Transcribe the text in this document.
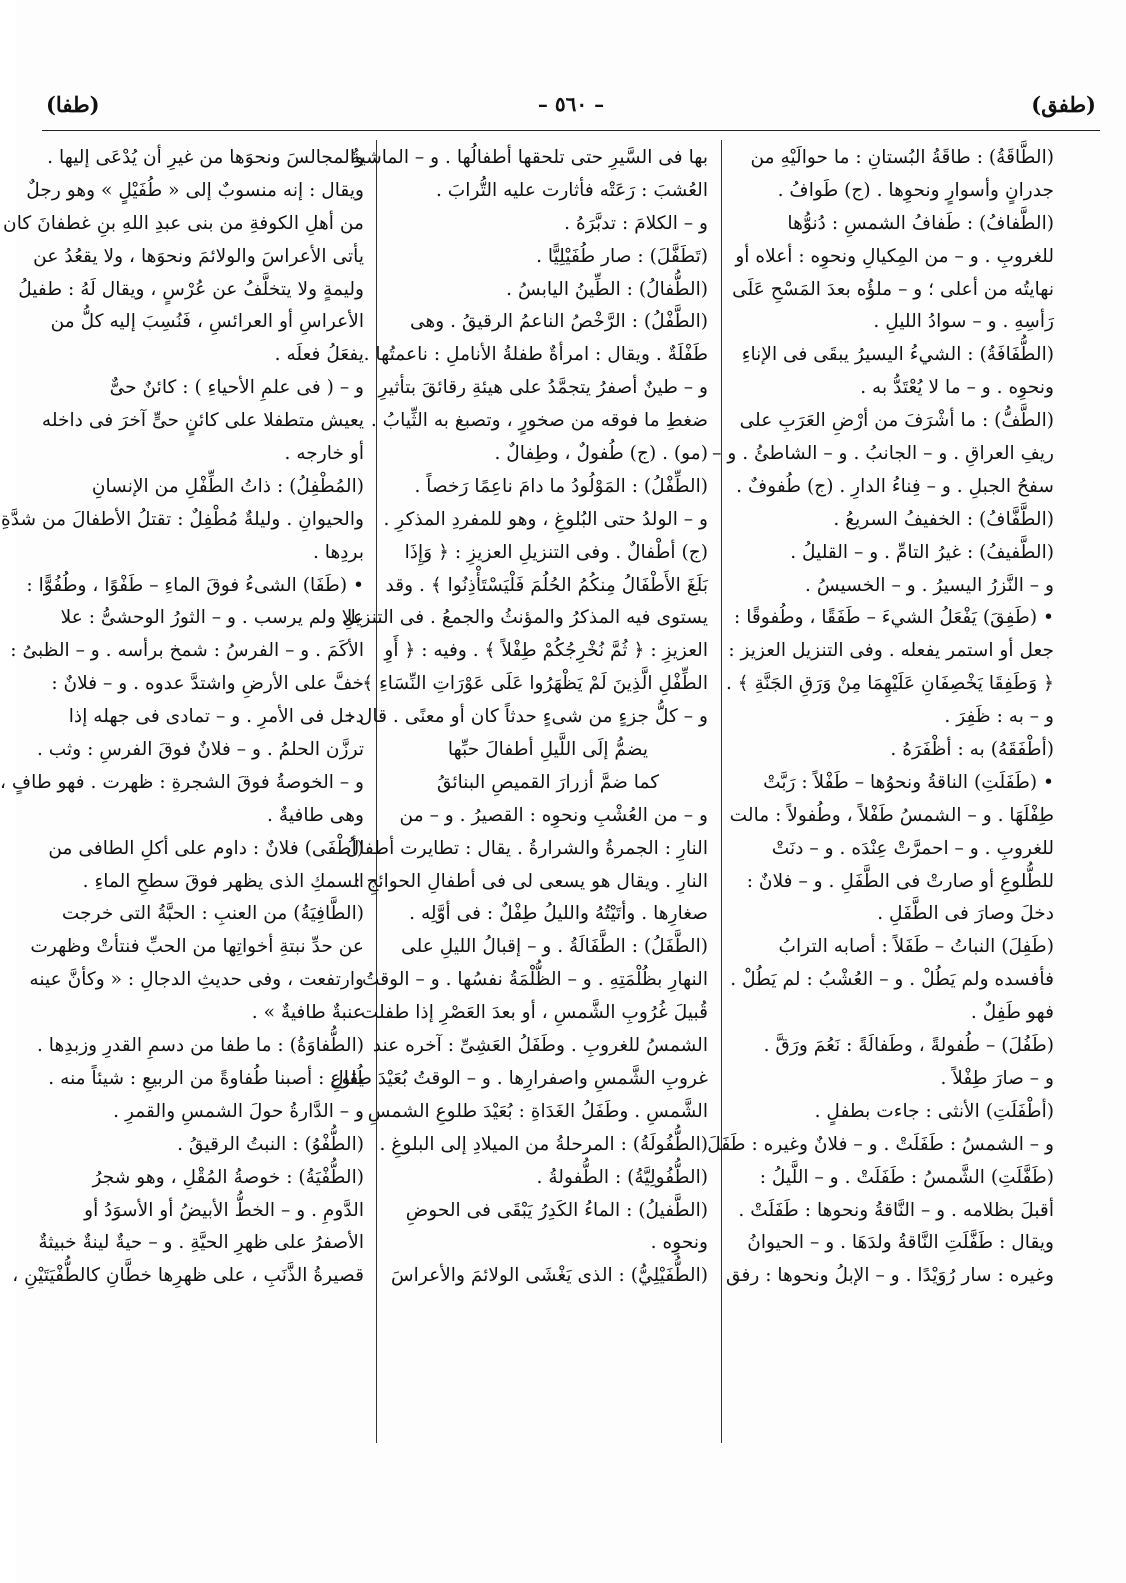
(طفق)
– ٥٦٠ –
(طفا)
(الطَّاقَةُ) : طاقَةُ البُستانِ : ما حوالَيْهِ من
جدرانٍ وأسوارٍ ونحوِها . (ج) طَوافُ .
(الطَّفافُ) : طَفافُ الشمسِ : دُنوُّها
للغروبِ . و – من المِكيالِ ونحوِه : أعلاه أو
نهايتُه من أعلى ؛ و – ملؤُه بعدَ المَسْحِ عَلَى
رَأسِهِ . و – سوادُ الليلِ .
(الطُّفَافَةُ) : الشيءُ اليسيرُ يبقَى فى الإناءِ
ونحوِه . و – ما لا يُعْتَدُّ به .
(الطَّفُّ) : ما أشْرَفَ من أرْضِ العَرَبِ على
ريفِ العراقِ . و – الجانبُ . و – الشاطئُ . و –
سفحُ الجبلِ . و – فِناءُ الدارِ . (ج) طُفوفٌ .
(الطَّفَّافُ) : الخفيفُ السريعُ .
(الطَّفيفُ) : غيرُ التامِّ . و – القليلُ .
و – النَّزرُ اليسيرُ . و – الخسيسُ .
• (طَفِقَ) يَفْعَلُ الشيءَ – طَفَقًا ، وطُفوقًا :
جعل أو استمر يفعله . وفى التنزيل العزيز :
﴿ وَطَفِقَا يَخْصِفَانِ عَلَيْهِمَا مِنْ وَرَقِ الجَنَّةِ ﴾ .
و – به : ظَفِرَ .
(أطْفَقَهُ) به : أظْفَرَهُ .
• (طَفَلَتِ) الناقةُ ونحوُها – طَفْلاً : رَبَّتْ
طِفْلَهَا . و – الشمسُ طَفْلاً ، وطُفولاً : مالت
للغروبِ . و – احمرَّتْ عِنْدَه . و – دنَتْ
للطُّلوعِ أو صارتْ فى الطَّفَلِ . و – فلانٌ :
دخلَ وصارَ فى الطَّفَلِ .
(طَفِلَ) النباتُ – طَفَلاً : أصابه الترابُ
فأفسده ولم يَطُلْ . و – العُشْبُ : لم يَطُلْ .
فهو طَفِلٌ .
(طَفُلَ) – طُفولةً ، وطَفالَةً : نَعُمَ ورَقَّ .
و – صارَ طِفْلاً .
(أطْفَلَتِ) الأنثى : جاءت بطفلٍ .
و – الشمسُ : طَفَلَتْ . و – فلانٌ وغيره : طَفَلَ .
(طَفَّلَتِ) الشَّمسُ : طَفَلَتْ . و – اللَّيلُ :
أقبلَ بظلامه . و – النَّاقةُ ونحوها : طَفَلَتْ .
ويقال : طَفَّلَتِ النَّاقةُ ولدَهَا . و – الحيوانُ
وغيره : سار رُوَيْدًا . و – الإبلُ ونحوها : رفق
بها فى السَّيرِ حتى تلحقها أطفالُها . و – الماشيةُ
العُشبَ : رَعَتْه فأثارت عليه التُّرابَ .
و – الكلامَ : تدبَّرَهُ .
(تَطَفَّلَ) : صار طُفَيْلِيًّا .
(الطُّفالُ) : الطِّينُ اليابسُ .
(الطَّفْلُ) : الرَّخْصُ الناعمُ الرقيقُ . وهى
طَفْلَةٌ . ويقال : امرأةٌ طفلةُ الأناملِ : ناعمتُها .
و – طينٌ أصفرُ يتجمَّدُ على هيئةِ رقائقَ بتأثيرِ
ضغطِ ما فوقه من صخورٍ ، وتصبغ به الثِّيابُ .
(مو) . (ج) طُفولٌ ، وطِفالٌ .
(الطِّفْلُ) : المَوْلُودُ ما دامَ ناعِمًا رَخصاً .
و – الولدُ حتى البُلوغِ ، وهو للمفردِ المذكرِ .
(ج) أطْفالٌ . وفى التنزيلِ العزيزِ : ﴿ وَإِذَا
بَلَغَ الأَطْفَالُ مِنكُمُ الحُلُمَ فَلْيَسْتَأْذِنُوا ﴾ . وقد
يستوى فيه المذكرُ والمؤنثُ والجمعُ . فى التنزيلِ
العزيزِ : ﴿ ثُمَّ نُخْرِجُكُمْ طِفْلاً ﴾ . وفيه : ﴿ أَوِ
الطِّفْلِ الَّذِينَ لَمْ يَظْهَرُوا عَلَى عَوْرَاتِ النِّسَاءِ ﴾ .
و – كلُّ جزءٍ من شىءٍ حدثاً كان أو معنًى . قال :
يضمُّ إلَى اللَّيلِ أطفالَ حبِّها
كما ضمَّ أزرارَ القميصِ البنائقُ
و – من العُشْبِ ونحوِه : القصيرُ . و – من
النارِ : الجمرةُ والشرارةُ . يقال : تطايرت أطفالُ
النارِ . ويقال هو يسعى لى فى أطفالِ الحوائجِ :
صغارِها . وأتَيْتُهُ والليلُ طِفْلٌ : فى أوَّلِه .
(الطَّفَلُ) : الطَّفَالَةُ . و – إقبالُ الليلِ على
النهارِ بظُلْمَتِهِ . و – الظُّلْمَةُ نفسُها . و – الوقتُ
قُبيلَ غُرُوبِ الشَّمسِ ، أو بعدَ العَصْرِ إذا طفلت
الشمسُ للغروبِ . وطَفَلُ العَشِىِّ : آخره عند
غروبِ الشَّمسِ واصفرارِها . و – الوقتُ بُعَيْدَ طُلوعِ
الشَّمسِ . وطَفَلُ الغَدَاةِ : بُعَيْدَ طلوعِ الشمسِ .
(الطُّفُولَةُ) : المرحلةُ من الميلادِ إلى البلوغِ .
(الطُّفُولِيَّةُ) : الطُّفولةُ .
(الطَّفيلُ) : الماءُ الكَدِرُ يَبْقَى فى الحوضِ
ونحوِه .
(الطُّفَيْلِيُّ) : الذى يَغْشَى الولائمَ والأعراسَ
والمجالسَ ونحوَها من غيرِ أن يُدْعَى إليها .
ويقال : إنه منسوبٌ إلى « طُفَيْلٍ » وهو رجلٌ
من أهلِ الكوفةِ من بنى عبدِ اللهِ بنِ غطفانَ كان
يأتى الأعراسَ والولائمَ ونحوَها ، ولا يقعُدُ عن
وليمةٍ ولا يتخلَّفُ عن عُرْسٍ ، ويقال لَهُ : طفيلُ
الأعراسِ أو العرائسِ ، فَنُسِبَ إليه كلُّ من
يفعَلُ فعلَه .
و – ( فى علمِ الأحياءِ ) : كائنٌ حىٌّ
يعيش متطفلا على كائنٍ حىٍّ آخرَ فى داخله
أو خارجه .
(المُطْفِلُ) : ذاتُ الطِّفْلِ من الإنسانِ
والحيوانِ . وليلةٌ مُطْفِلٌ : تقتلُ الأطفالَ من شدَّةِ
بردِها .
• (طَفَا) الشىءُ فوقَ الماءِ – طَفْوًا ، وطُفُوًّا :
علا ولم يرسب . و – الثورُ الوحشىُّ : علا
الأكَمَ . و – الفرسُ : شمخ برأسه . و – الظبىُ :
خفَّ على الأرضِ واشتدَّ عدوه . و – فلانٌ :
دخل فى الأمرِ . و – تمادى فى جهله إذا
ترزَّن الحلمُ . و – فلانٌ فوقَ الفرسِ : وثب .
و – الخوصةُ فوقَ الشجرةِ : ظهرت . فهو طافٍ ،
وهى طافيةٌ .
(أطْفَى) فلانٌ : داوم على أكلِ الطافى من
السمكِ الذى يظهر فوقَ سطحِ الماءِ .
(الطَّافِيَةُ) من العنبِ : الحبَّةُ التى خرجت
عن حدِّ نبتةِ أخواتِها من الحبِّ فنتأتْ وظهرت
وارتفعت ، وفى حديثِ الدجالِ : « وكأنَّ عينه
عنبةٌ طافيةٌ » .
(الطُّفاوَةُ) : ما طفا من دسمِ القدرِ وزبدِها .
يقال : أصبنا طُفاوةً من الربيعِ : شيئاً منه .
و – الدَّارةُ حولَ الشمسِ والقمرِ .
(الطُّفْوُ) : النبتُ الرقيقُ .
(الطُّفْيَةُ) : خوصةُ المُقْلِ ، وهو شجرُ
الدَّومِ . و – الخطُّ الأبيضُ أو الأسوَدُ أو
الأصفرُ على ظهرِ الحيَّةِ . و – حيةٌ لينةٌ خبيثةٌ
قصيرةُ الذَّنَبِ ، على ظهرِها خطَّانِ كالطُّفْيَتَيْنِ ،
